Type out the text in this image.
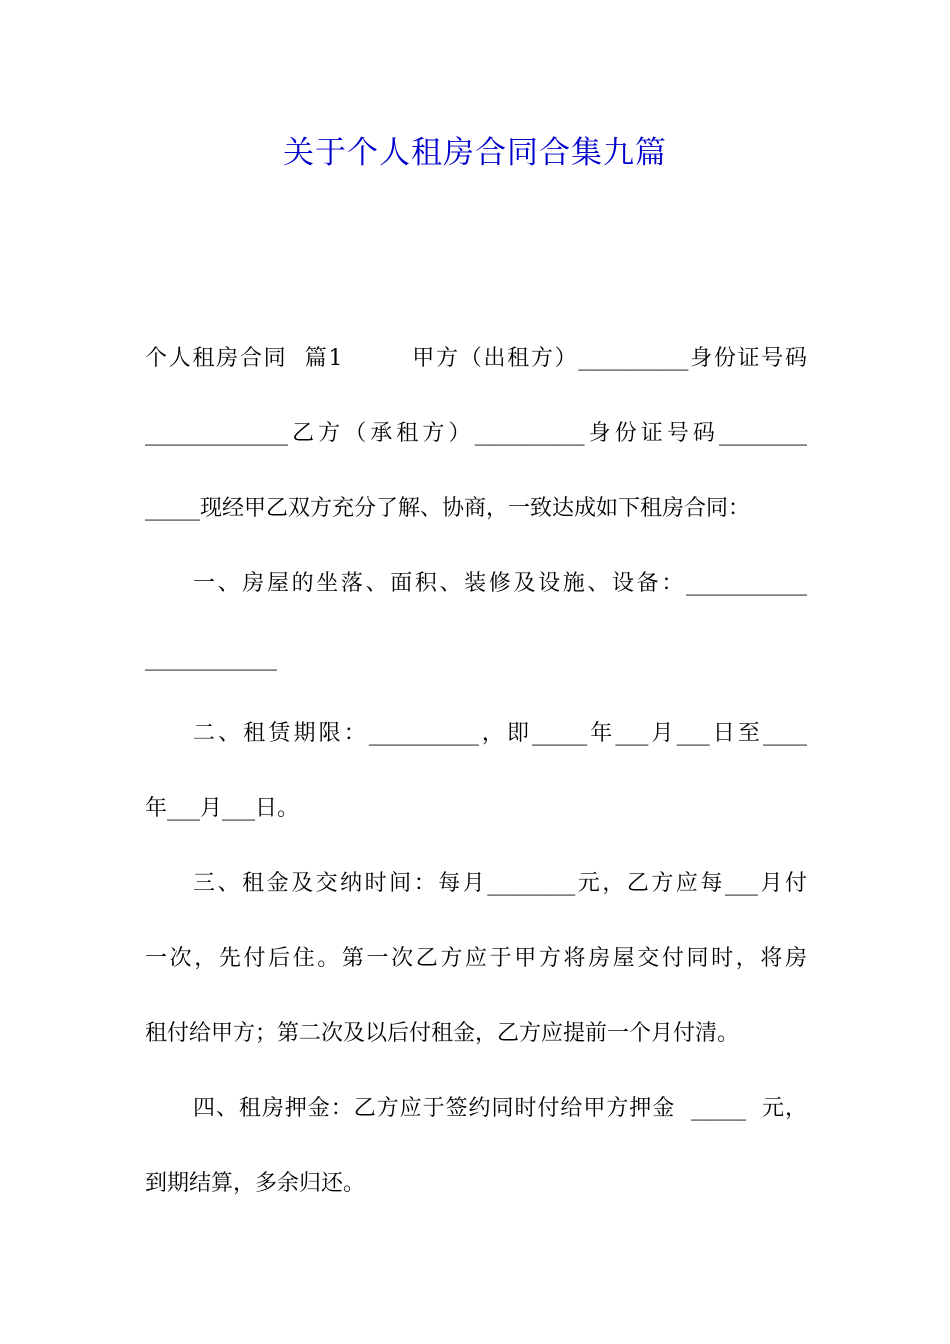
关于个人租房合同合集九篇
个人租房合同  篇1        甲方（出租方）__________身份证号码
_____________乙方（承租方）__________身份证号码________
_____现经甲乙双方充分了解、协商，一致达成如下租房合同：
一、房屋的坐落、面积、装修及设施、设备：___________
____________
二、租赁期限：__________，即_____年___月___日至____
年___月___日。
三、租金及交纳时间：每月________元，乙方应每___月付
一次，先付后住。第一次乙方应于甲方将房屋交付同时，将房
租付给甲方；第二次及以后付租金，乙方应提前一个月付清。
四、租房押金：乙方应于签约同时付给甲方押金  _____  元，
到期结算，多余归还。
